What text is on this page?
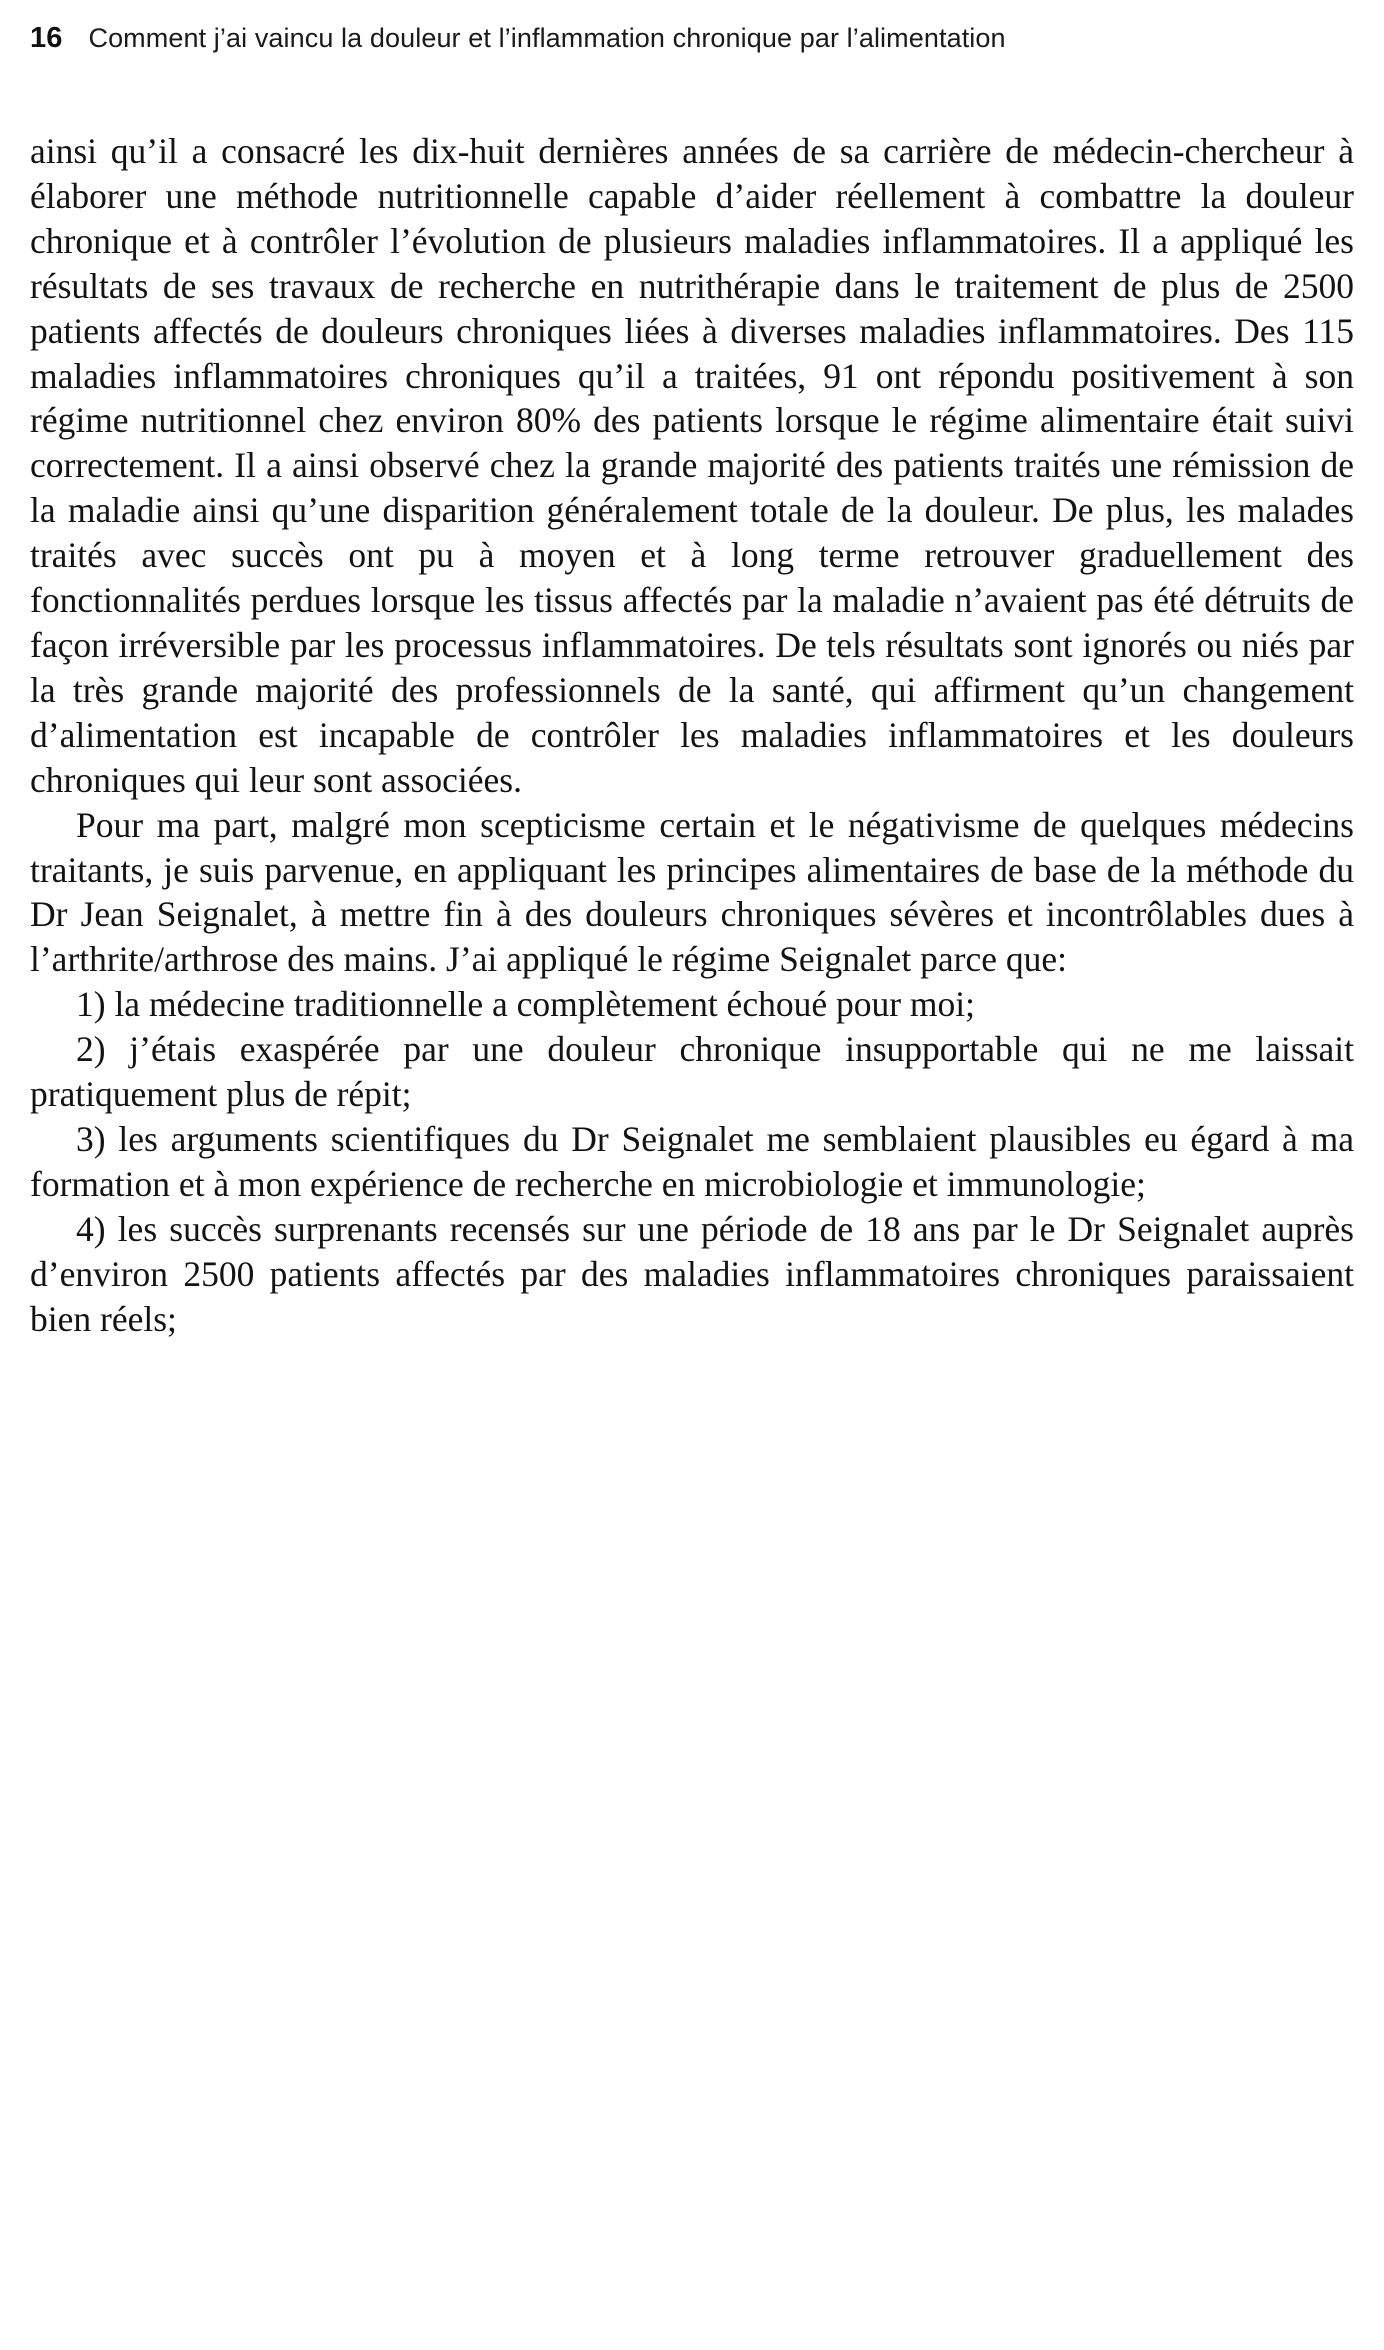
16 Comment j’ai vaincu la douleur et l’inflammation chronique par l’alimentation

ainsi qu’il a consacré les dix-huit dernières années de sa carrière de médecin-chercheur à élaborer une méthode nutritionnelle capable d’aider réellement à combattre la douleur chronique et à contrôler l’évolution de plusieurs maladies inflammatoires. Il a appliqué les résultats de ses travaux de recherche en nutrithérapie dans le traitement de plus de 2500 patients affectés de douleurs chroniques liées à diverses maladies inflammatoires. Des 115 maladies inflammatoires chroniques qu’il a traitées, 91 ont répondu positivement à son régime nutritionnel chez environ 80% des patients lorsque le régime alimentaire était suivi correctement. Il a ainsi observé chez la grande majorité des patients traités une rémission de la maladie ainsi qu’une disparition généralement totale de la douleur. De plus, les malades traités avec succès ont pu à moyen et à long terme retrouver graduellement des fonctionnalités perdues lorsque les tissus affectés par la maladie n’avaient pas été détruits de façon irréversible par les processus inflammatoires. De tels résultats sont ignorés ou niés par la très grande majorité des professionnels de la santé, qui affirment qu’un changement d’alimentation est incapable de contrôler les maladies inflammatoires et les douleurs chroniques qui leur sont associées.

Pour ma part, malgré mon scepticisme certain et le négativisme de quelques médecins traitants, je suis parvenue, en appliquant les principes alimentaires de base de la méthode du Dr Jean Seignalet, à mettre fin à des douleurs chroniques sévères et incontrôlables dues à l’arthrite/arthrose des mains. J’ai appliqué le régime Seignalet parce que:

1) la médecine traditionnelle a complètement échoué pour moi;

2) j’étais exaspérée par une douleur chronique insupportable qui ne me laissait pratiquement plus de répit;

3) les arguments scientifiques du Dr Seignalet me semblaient plausibles eu égard à ma formation et à mon expérience de recherche en microbiologie et immunologie;

4) les succès surprenants recensés sur une période de 18 ans par le Dr Seignalet auprès d’environ 2500 patients affectés par des maladies inflammatoires chroniques paraissaient bien réels;
